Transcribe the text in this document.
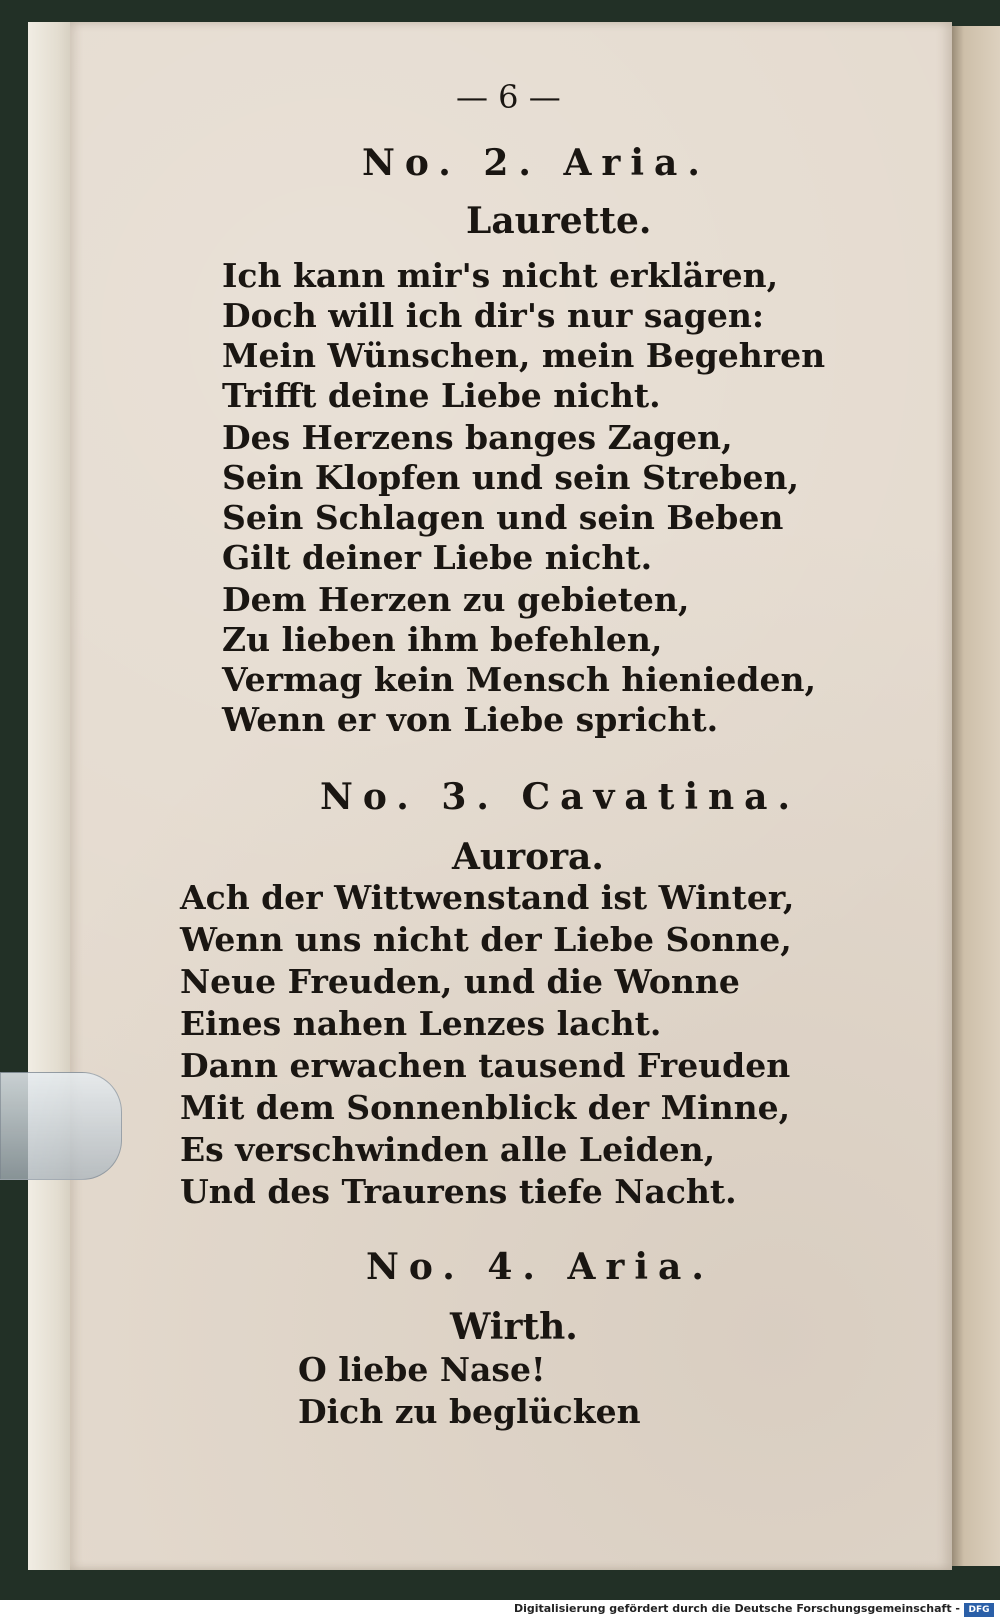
— 6 —
No. 2. Aria.
Laurette.
Ich kann mir's nicht erklären,
Doch will ich dir's nur sagen:
Mein Wünschen, mein Begehren
Trifft deine Liebe nicht.
Des Herzens banges Zagen,
Sein Klopfen und sein Streben,
Sein Schlagen und sein Beben
Gilt deiner Liebe nicht.
Dem Herzen zu gebieten,
Zu lieben ihm befehlen,
Vermag kein Mensch hienieden,
Wenn er von Liebe spricht.
No. 3. Cavatina.
Aurora.
Ach der Wittwenstand ist Winter,
Wenn uns nicht der Liebe Sonne,
Neue Freuden, und die Wonne
Eines nahen Lenzes lacht.
Dann erwachen tausend Freuden
Mit dem Sonnenblick der Minne,
Es verschwinden alle Leiden,
Und des Traurens tiefe Nacht.
No. 4. Aria.
Wirth.
O liebe Nase!
Dich zu beglücken
Digitalisierung gefördert durch die Deutsche Forschungsgemeinschaft - DFG
